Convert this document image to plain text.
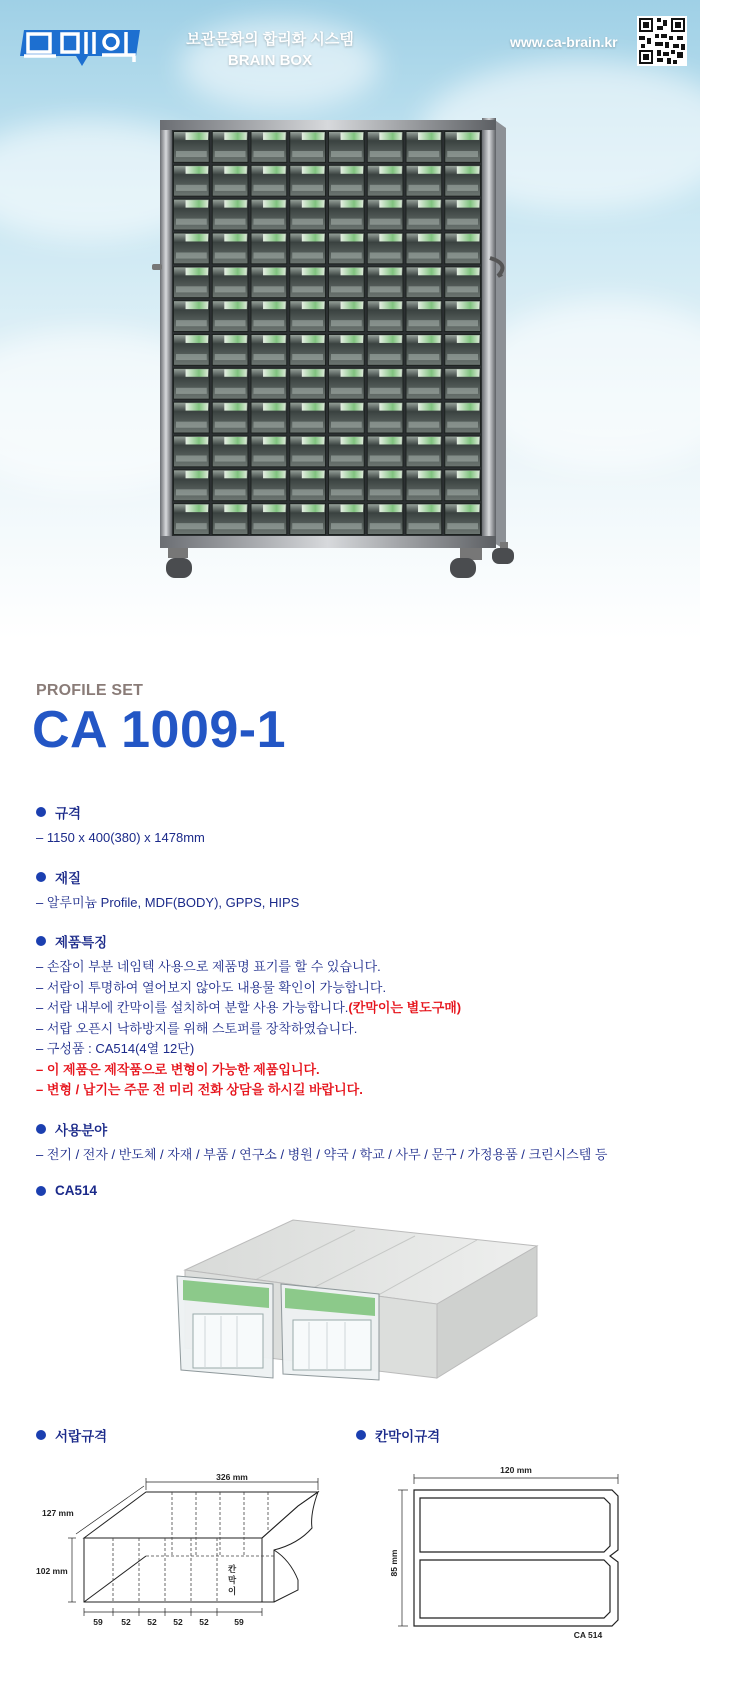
보관문화의 합리화 시스템
BRAIN BOX
www.ca-brain.kr
PROFILE SET
CA 1009-1
규격
– 1150 x 400(380) x 1478mm
재질
– 알루미늄 Profile, MDF(BODY), GPPS, HIPS
제품특징
– 손잡이 부분 네임텍 사용으로 제품명 표기를 할 수 있습니다.
– 서랍이 투명하여 열어보지 않아도 내용물 확인이 가능합니다.
– 서랍 내부에 칸막이를 설치하여 분할 사용 가능합니다.(칸막이는 별도구매)
– 서랍 오픈시 낙하방지를 위해 스토퍼를 장착하였습니다.
– 구성품 : CA514(4열 12단)
– 이 제품은 제작품으로 변형이 가능한 제품입니다.
– 변형 / 납기는 주문 전 미리 전화 상담을 하시길 바랍니다.
사용분야
– 전기 / 전자 / 반도체 / 자재 / 부품 / 연구소 / 병원 / 약국 / 학교 / 사무 / 문구 / 가정용품 / 크린시스템 등
CA514
서랍규격	칸막이규격
326 mm
127 mm
102 mm	칸
막
이
59 52 52 52 52	59
120 mm
85 mm
CA 514
